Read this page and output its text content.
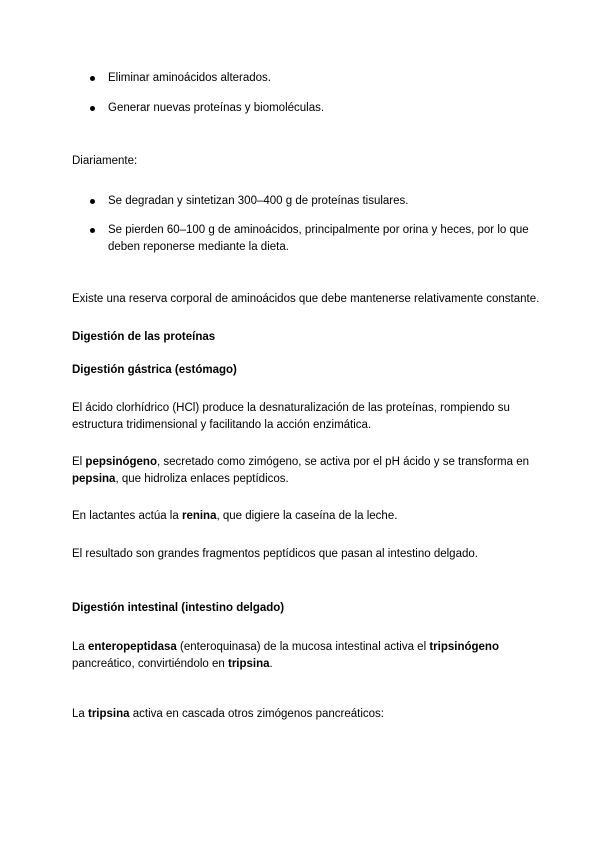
Eliminar aminoácidos alterados.
Generar nuevas proteínas y biomoléculas.

Diariamente:

Se degradan y sintetizan 300–400 g de proteínas tisulares.
Se pierden 60–100 g de aminoácidos, principalmente por orina y heces, por lo que deben reponerse mediante la dieta.

Existe una reserva corporal de aminoácidos que debe mantenerse relativamente constante.

Digestión de las proteínas

Digestión gástrica (estómago)

El ácido clorhídrico (HCl) produce la desnaturalización de las proteínas, rompiendo su estructura tridimensional y facilitando la acción enzimática.

El pepsinógeno, secretado como zimógeno, se activa por el pH ácido y se transforma en pepsina, que hidroliza enlaces peptídicos.

En lactantes actúa la renina, que digiere la caseína de la leche.

El resultado son grandes fragmentos peptídicos que pasan al intestino delgado.

Digestión intestinal (intestino delgado)

La enteropeptidasa (enteroquinasa) de la mucosa intestinal activa el tripsinógeno pancreático, convirtiéndolo en tripsina.

La tripsina activa en cascada otros zimógenos pancreáticos:
